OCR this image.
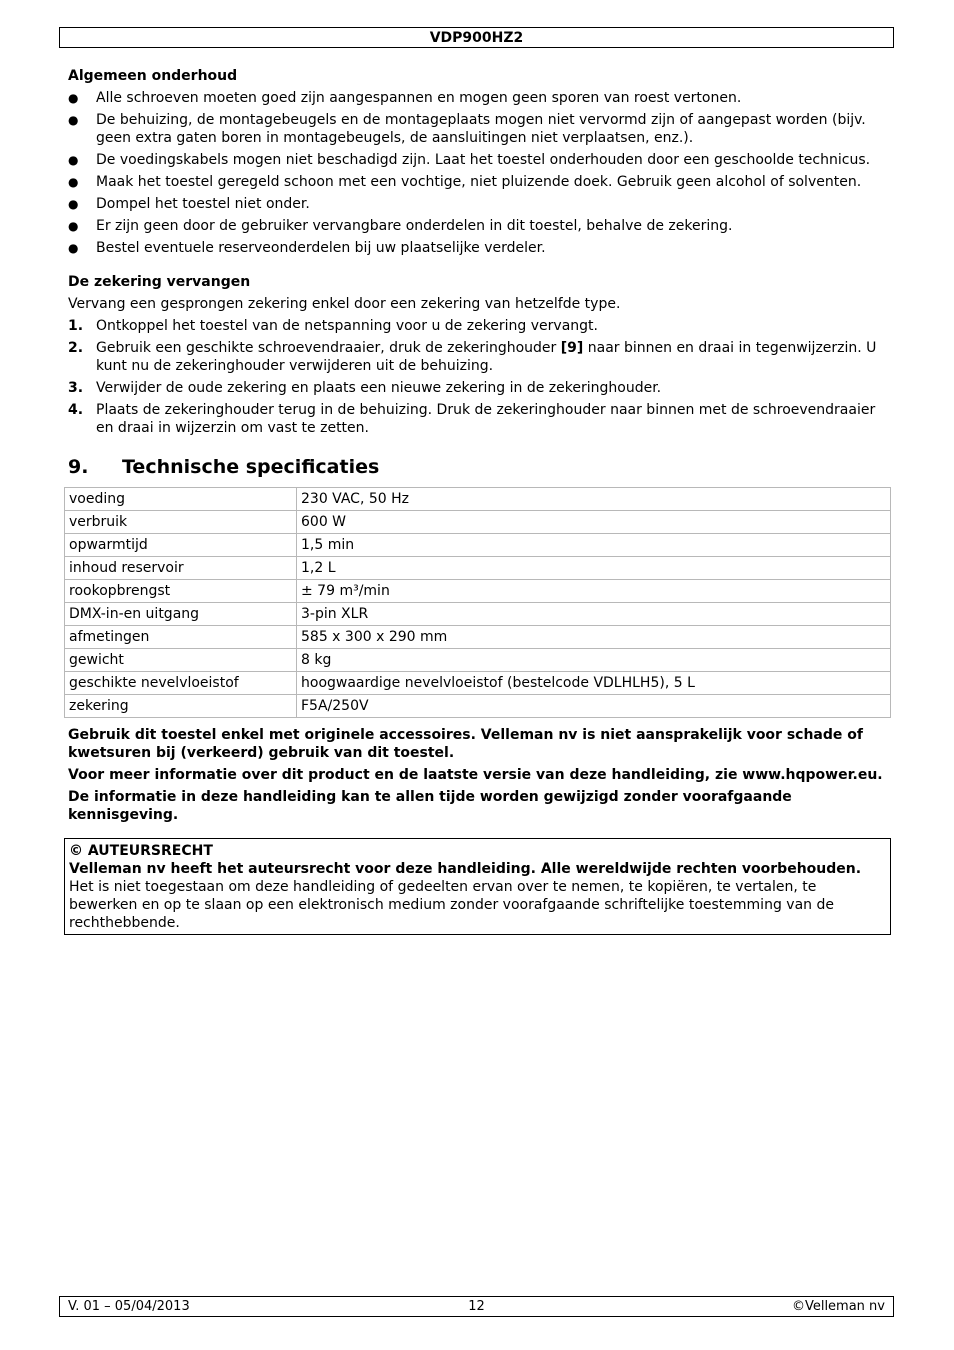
VDP900HZ2
Algemeen onderhoud
● Alle schroeven moeten goed zijn aangespannen en mogen geen sporen van roest vertonen.
● De behuizing, de montagebeugels en de montageplaats mogen niet vervormd zijn of aangepast worden (bijv. geen extra gaten boren in montagebeugels, de aansluitingen niet verplaatsen, enz.).
● De voedingskabels mogen niet beschadigd zijn. Laat het toestel onderhouden door een geschoolde technicus.
● Maak het toestel geregeld schoon met een vochtige, niet pluizende doek. Gebruik geen alcohol of solventen.
● Dompel het toestel niet onder.
● Er zijn geen door de gebruiker vervangbare onderdelen in dit toestel, behalve de zekering.
● Bestel eventuele reserveonderdelen bij uw plaatselijke verdeler.
De zekering vervangen

Vervang een gesprongen zekering enkel door een zekering van hetzelfde type.

1. Ontkoppel het toestel van de netspanning voor u de zekering vervangt.
2. Gebruik een geschikte schroevendraaier, druk de zekeringhouder [9] naar binnen en draai in tegenwijzerzin. U kunt nu de zekeringhouder verwijderen uit de behuizing.
3. Verwijder de oude zekering en plaats een nieuwe zekering in de zekeringhouder.
4. Plaats de zekeringhouder terug in de behuizing. Druk de zekeringhouder naar binnen met de schroevendraaier en draai in wijzerzin om vast te zetten.
9. Technische specificaties
voeding	230 VAC, 50 Hz
verbruik	600 W
opwarmtijd	1,5 min
inhoud reservoir	1,2 L
rookopbrengst	± 79 m³/min
DMX-in-en uitgang	3-pin XLR
afmetingen	585 x 300 x 290 mm
gewicht	8 kg
geschikte nevelvloeistof	hoogwaardige nevelvloeistof (bestelcode VDLHLH5), 5 L
zekering	F5A/250V

Gebruik dit toestel enkel met originele accessoires. Velleman nv is niet aansprakelijk voor schade of kwetsuren bij (verkeerd) gebruik van dit toestel.

Voor meer informatie over dit product en de laatste versie van deze handleiding, zie www.hqpower.eu.

De informatie in deze handleiding kan te allen tijde worden gewijzigd zonder voorafgaande kennisgeving.

© AUTEURSRECHT
Velleman nv heeft het auteursrecht voor deze handleiding. Alle wereldwijde rechten voorbehouden.
Het is niet toegestaan om deze handleiding of gedeelten ervan over te nemen, te kopiëren, te vertalen, te bewerken en op te slaan op een elektronisch medium zonder voorafgaande schriftelijke toestemming van de rechthebbende.
V. 01 – 05/04/2013	12	©Velleman nv
